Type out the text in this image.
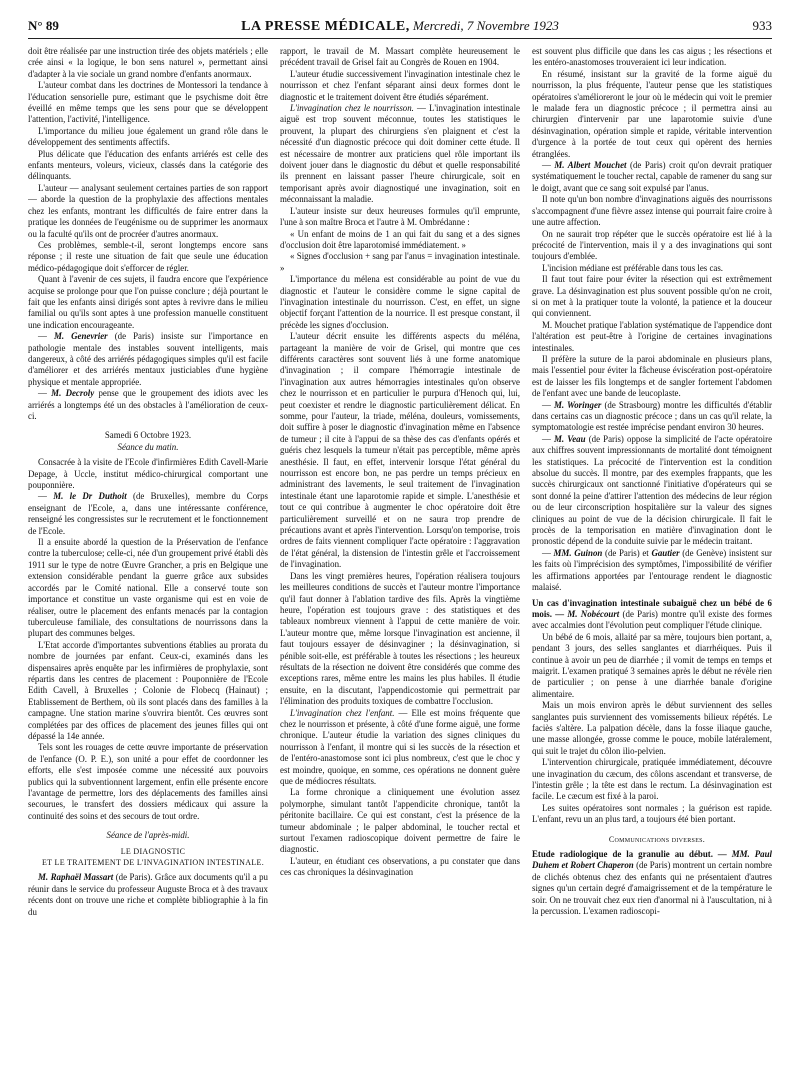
N° 89	LA PRESSE MÉDICALE, Mercredi, 7 Novembre 1923	933

doit être réalisée par une instruction tirée des objets matériels ; elle crée ainsi « la logique, le bon sens naturel », permettant ainsi d'adapter à la vie sociale un grand nombre d'enfants anormaux.

L'auteur combat dans les doctrines de Montessori la tendance à l'éducation sensorielle pure, estimant que le psychisme doit être éveillé en même temps que les sens pour que se développent l'attention, l'activité, l'intelligence.

L'importance du milieu joue également un grand rôle dans le développement des sentiments affectifs.

Plus délicate que l'éducation des enfants arriérés est celle des enfants menteurs, voleurs, vicieux, classés dans la catégorie des délinquants.

L'auteur — analysant seulement certaines parties de son rapport — aborde la question de la prophylaxie des affections mentales chez les enfants, montrant les difficultés de faire entrer dans la pratique les données de l'eugénisme ou de supprimer les anormaux ou la faculté qu'ils ont de procréer d'autres anormaux.

Ces problèmes, semble-t-il, seront longtemps encore sans réponse ; il reste une situation de fait que seule une éducation médico-pédagogique doit s'efforcer de régler.

Quant à l'avenir de ces sujets, il faudra encore que l'expérience acquise se prolonge pour que l'on puisse conclure ; déjà pourtant le fait que les enfants ainsi dirigés sont aptes à revivre dans le milieu familial ou qu'ils sont aptes à une profession manuelle constituent une indication encourageante.

— M. Genevrier (de Paris) insiste sur l'importance en pathologie mentale des instables souvent intelligents, mais dangereux, à côté des arriérés pédagogiques simples qu'il est facile d'améliorer et des arriérés mentaux justiciables d'une hygiène physique et mentale appropriée.

— M. Decroly pense que le groupement des idiots avec les arriérés a longtemps été un des obstacles à l'amélioration de ceux-ci.

Samedi 6 Octobre 1923.

Séance du matin.

Consacrée à la visite de l'Ecole d'infirmières Edith Cavell-Marie Depage, à Uccle, institut médico-chirurgical comportant une pouponnière.

— M. le Dr Duthoit (de Bruxelles), membre du Corps enseignant de l'Ecole, a, dans une intéressante conférence, renseigné les congressistes sur le recrutement et le fonctionnement de l'Ecole.

Il a ensuite abordé la question de la Préservation de l'enfance contre la tuberculose; celle-ci, née d'un groupement privé établi dès 1911 sur le type de notre Œuvre Grancher, a pris en Belgique une extension considérable pendant la guerre grâce aux subsides accordés par le Comité national. Elle a conservé toute son importance et constitue un vaste organisme qui est en voie de réaliser, outre le placement des enfants menacés par la contagion tuberculeuse familiale, des consultations de nourrissons dans la plupart des communes belges.

L'Etat accorde d'importantes subventions établies au prorata du nombre de journées par enfant. Ceux-ci, examinés dans les dispensaires après enquête par les infirmières de prophylaxie, sont répartis dans les centres de placement : Pouponnière de l'Ecole Edith Cavell, à Bruxelles ; Colonie de Flobecq (Hainaut) ; Etablissement de Berthem, où ils sont placés dans des familles à la campagne. Une station marine s'ouvrira bientôt. Ces œuvres sont complétées par des offices de placement des jeunes filles qui ont dépassé la 14e année.

Tels sont les rouages de cette œuvre importante de préservation de l'enfance (O. P. E.), son unité a pour effet de coordonner les efforts, elle s'est imposée comme une nécessité aux pouvoirs publics qui la subventionnent largement, enfin elle présente encore l'avantage de permettre, lors des déplacements des familles ainsi secourues, le transfert des dossiers médicaux qui assure la continuité des soins et des secours de tout ordre.

Séance de l'après-midi.

LE DIAGNOSTIC

ET LE TRAITEMENT DE L'INVAGINATION INTESTINALE.

M. Raphaël Massart (de Paris). Grâce aux documents qu'il a pu réunir dans le service du professeur Auguste Broca et à des travaux récents dont on trouve une riche et complète bibliographie à la fin du

rapport, le travail de M. Massart complète heureusement le précédent travail de Grisel fait au Congrès de Rouen en 1904.

L'auteur étudie successivement l'invagination intestinale chez le nourrisson et chez l'enfant séparant ainsi deux formes dont le diagnostic et le traitement doivent être étudiés séparément.

L'invagination chez le nourrisson. — L'invagination intestinale aiguë est trop souvent méconnue, toutes les statistiques le prouvent, la plupart des chirurgiens s'en plaignent et c'est la nécessité d'un diagnostic précoce qui doit dominer cette étude. Il est nécessaire de montrer aux praticiens quel rôle important ils doivent jouer dans le diagnostic du début et quelle responsabilité ils prennent en laissant passer l'heure chirurgicale, soit en temporisant après avoir diagnostiqué une invagination, soit en méconnaissant la maladie.

L'auteur insiste sur deux heureuses formules qu'il emprunte, l'une à son maître Broca et l'autre à M. Ombrédanne :

« Un enfant de moins de 1 an qui fait du sang et a des signes d'occlusion doit être laparotomisé immédiatement. »

« Signes d'occlusion + sang par l'anus = invagination intestinale. »

L'importance du mélena est considérable au point de vue du diagnostic et l'auteur le considère comme le signe capital de l'invagination intestinale du nourrisson. C'est, en effet, un signe objectif forçant l'attention de la nourrice. Il est presque constant, il précède les signes d'occlusion.

L'auteur décrit ensuite les différents aspects du méléna, partageant la manière de voir de Grisel, qui montre que ces différents caractères sont souvent liés à une forme anatomique d'invagination ; il compare l'hémorragie intestinale de l'invagination aux autres hémorragies intestinales qu'on observe chez le nourrisson et en particulier le purpura d'Henoch qui, lui, peut coexister et rendre le diagnostic particulièrement délicat. En somme, pour l'auteur, la triade, méléna, douleurs, vomissements, doit suffire à poser le diagnostic d'invagination même en l'absence de tumeur ; il cite à l'appui de sa thèse des cas d'enfants opérés et guéris chez lesquels la tumeur n'était pas perceptible, même après anesthésie. Il faut, en effet, intervenir lorsque l'état général du nourrisson est encore bon, ne pas perdre un temps précieux en administrant des lavements, le seul traitement de l'invagination intestinale étant une laparotomie rapide et simple. L'anesthésie et tout ce qui contribue à augmenter le choc opératoire doit être particulièrement surveillé et on ne saura trop prendre de précautions avant et après l'intervention. Lorsqu'on temporise, trois ordres de faits viennent compliquer l'acte opératoire : l'aggravation de l'état général, la distension de l'intestin grêle et l'accroissement de l'invagination.

Dans les vingt premières heures, l'opération réalisera toujours les meilleures conditions de succès et l'auteur montre l'importance qu'il faut donner à l'ablation tardive des fils. Après la vingtième heure, l'opération est toujours grave : des statistiques et des tableaux nombreux viennent à l'appui de cette manière de voir. L'auteur montre que, même lorsque l'invagination est ancienne, il faut toujours essayer de désinvaginer ; la désinvagination, si pénible soit-elle, est préférable à toutes les résections ; les heureux résultats de la résection ne doivent être considérés que comme des exceptions rares, même entre les mains les plus habiles. Il étudie ensuite, en la discutant, l'appendicostomie qui permettrait par l'élimination des produits toxiques de combattre l'occlusion.

L'invagination chez l'enfant. — Elle est moins fréquente que chez le nourrisson et présente, à côté d'une forme aiguë, une forme chronique. L'auteur étudie la variation des signes cliniques du nourrisson à l'enfant, il montre qui si les succès de la résection et de l'entéro-anastomose sont ici plus nombreux, c'est que le choc y est moindre, quoique, en somme, ces opérations ne donnent guère que de médiocres résultats.

La forme chronique a cliniquement une évolution assez polymorphe, simulant tantôt l'appendicite chronique, tantôt la péritonite bacillaire. Ce qui est constant, c'est la présence de la tumeur abdominale ; le palper abdominal, le toucher rectal et surtout l'examen radioscopique doivent permettre de faire le diagnostic.

L'auteur, en étudiant ces observations, a pu constater que dans ces cas chroniques la désinvagination

est souvent plus difficile que dans les cas aigus ; les résections et les entéro-anastomoses trouveraient ici leur indication.

En résumé, insistant sur la gravité de la forme aiguë du nourrisson, la plus fréquente, l'auteur pense que les statistiques opératoires s'amélioreront le jour où le médecin qui voit le premier le malade fera un diagnostic précoce ; il permettra ainsi au chirurgien d'intervenir par une laparotomie suivie d'une désinvagination, opération simple et rapide, véritable intervention d'urgence à la portée de tout ceux qui opèrent des hernies étranglées.

— M. Albert Mouchet (de Paris) croit qu'on devrait pratiquer systématiquement le toucher rectal, capable de ramener du sang sur le doigt, avant que ce sang soit expulsé par l'anus.

Il note qu'un bon nombre d'invaginations aiguës des nourrissons s'accompagnent d'une fièvre assez intense qui pourrait faire croire à une autre affection.

On ne saurait trop répéter que le succès opératoire est lié à la précocité de l'intervention, mais il y a des invaginations qui sont toujours d'emblée.

L'incision médiane est préférable dans tous les cas.

Il faut tout faire pour éviter la résection qui est extrêmement grave. La désinvagination est plus souvent possible qu'on ne croit, si on met à la pratiquer toute la volonté, la patience et la douceur qui conviennent.

M. Mouchet pratique l'ablation systématique de l'appendice dont l'altération est peut-être à l'origine de certaines invaginations intestinales.

Il préfère la suture de la paroi abdominale en plusieurs plans, mais l'essentiel pour éviter la fâcheuse éviscération post-opératoire est de laisser les fils longtemps et de sangler fortement l'abdomen de l'enfant avec une bande de leucoplaste.

— M. Woringer (de Strasbourg) montre les difficultés d'établir dans certains cas un diagnostic précoce ; dans un cas qu'il relate, la symptomatologie est restée imprécise pendant environ 30 heures.

— M. Veau (de Paris) oppose la simplicité de l'acte opératoire aux chiffres souvent impressionnants de mortalité dont témoignent les statistiques. La précocité de l'intervention est la condition absolue du succès. Il montre, par des exemples frappants, que les succès chirurgicaux ont sanctionné l'initiative d'opérateurs qui se sont donné la peine d'attirer l'attention des médecins de leur région ou de leur circonscription hospitalière sur la valeur des signes cliniques au point de vue de la décision chirurgicale. Il fait le procès de la temporisation en matière d'invagination dont le pronostic dépend de la conduite suivie par le médecin traitant.

— MM. Guinon (de Paris) et Gautier (de Genève) insistent sur les faits où l'imprécision des symptômes, l'impossibilité de vérifier les affirmations apportées par l'entourage rendent le diagnostic malaisé.

Un cas d'invagination intestinale subaiguë chez un bébé de 6 mois. — M. Nobécourt (de Paris) montre qu'il existe des formes avec accalmies dont l'évolution peut compliquer l'étude clinique.

Un bébé de 6 mois, allaité par sa mère, toujours bien portant, a, pendant 3 jours, des selles sanglantes et diarrhéiques. Puis il continue à avoir un peu de diarrhée ; il vomit de temps en temps et maigrit. L'examen pratiqué 3 semaines après le début ne révèle rien de particulier ; on pense à une diarrhée banale d'origine alimentaire.

Mais un mois environ après le début surviennent des selles sanglantes puis surviennent des vomissements bilieux répétés. Le faciès s'altère. La palpation décèle, dans la fosse iliaque gauche, une masse allongée, grosse comme le pouce, mobile latéralement, qui suit le trajet du côlon ilio-pelvien.

L'intervention chirurgicale, pratiquée immédiatement, découvre une invagination du cæcum, des côlons ascendant et transverse, de l'intestin grêle ; la tête est dans le rectum. La désinvagination est facile. Le cæcum est fixé à la paroi.

Les suites opératoires sont normales ; la guérison est rapide. L'enfant, revu un an plus tard, a toujours été bien portant.

Communications diverses.

Etude radiologique de la granulie au début. — MM. Paul Duhem et Robert Chaperon (de Paris) montrent un certain nombre de clichés obtenus chez des enfants qui ne présentaient d'autres signes qu'un certain degré d'amaigrissement et de la température le soir. On ne trouvait chez eux rien d'anormal ni à l'auscultation, ni à la percussion. L'examen radioscopi-
